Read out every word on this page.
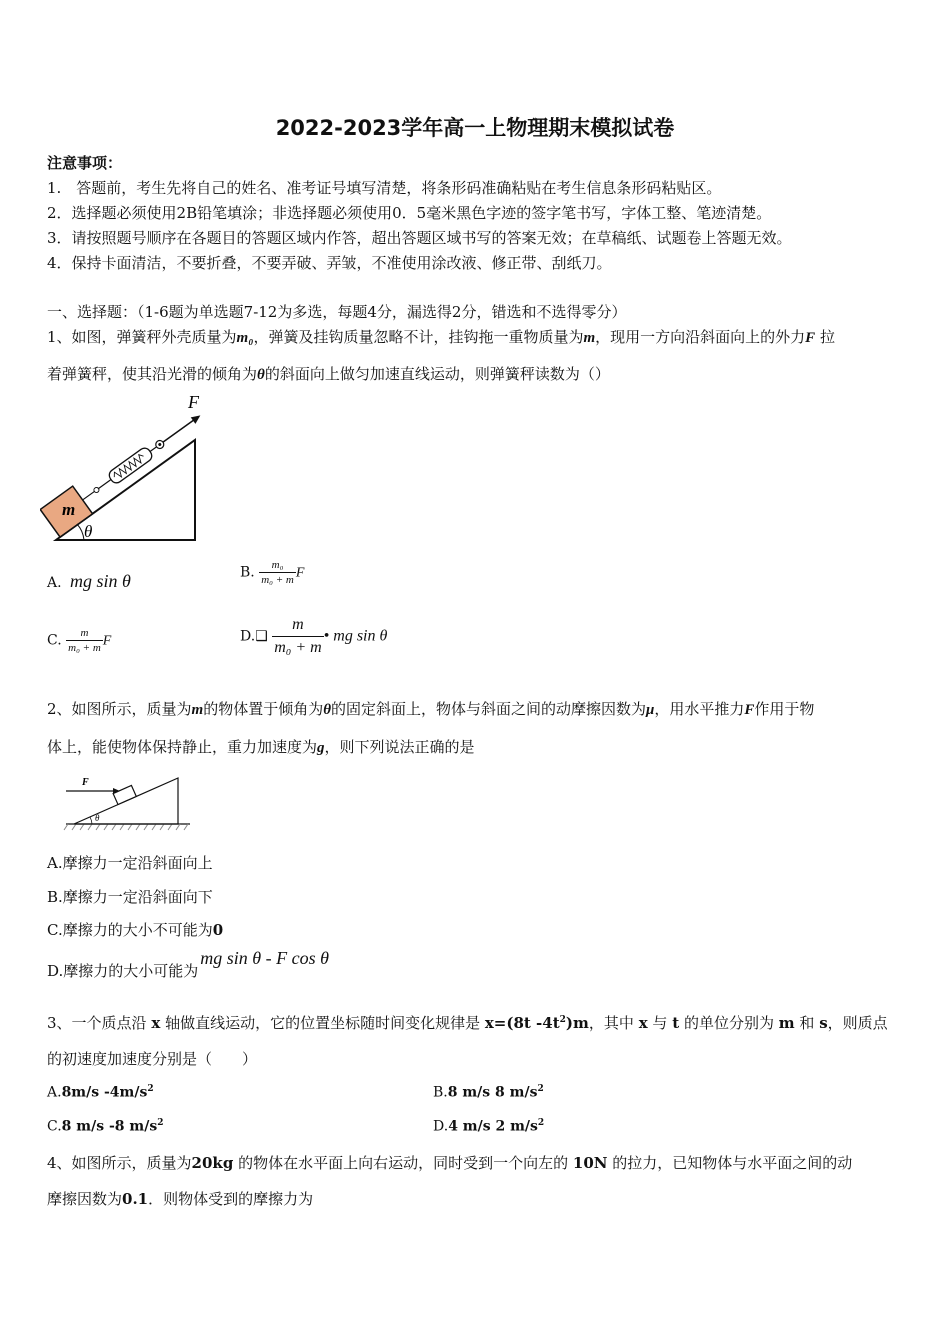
2022-2023学年高一上物理期末模拟试卷
注意事项：
1.　答题前，考生先将自己的姓名、准考证号填写清楚，将条形码准确粘贴在考生信息条形码粘贴区。
2．选择题必须使用2B铅笔填涂；非选择题必须使用0．5毫米黑色字迹的签字笔书写，字体工整、笔迹清楚。
3．请按照题号顺序在各题目的答题区域内作答，超出答题区域书写的答案无效；在草稿纸、试题卷上答题无效。
4．保持卡面清洁，不要折叠，不要弄破、弄皱，不准使用涂改液、修正带、刮纸刀。
一、选择题：（1-6题为单选题7-12为多选，每题4分，漏选得2分，错选和不选得零分）
1、如图，弹簧秤外壳质量为m₀，弹簧及挂钩质量忽略不计，挂钩拖一重物质量为m，现用一方向沿斜面向上的外力F 拉
着弹簧秤，使其沿光滑的倾角为θ的斜面向上做匀加速直线运动，则弹簧秤读数为（）
F
m
θ
A. mg sin θ	B. $\frac{\text{m₀}}{\text{m₀ + m}}$ F
C. $\frac{m}{\text{m₀ + m}}$ F	D.❑ $\frac{m}{\text{m₀ + m}}$ • mg sin θ
2、如图所示，质量为m的物体置于倾角为θ的固定斜面上，物体与斜面之间的动摩擦因数为μ，用水平推力F作用于物
体上，能使物体保持静止，重力加速度为g，则下列说法正确的是
F
θ
A.摩擦力一定沿斜面向上
B.摩擦力一定沿斜面向下
C.摩擦力的大小不可能为0
D.摩擦力的大小可能为mg sin θ - F cos θ
3、一个质点沿 x 轴做直线运动，它的位置坐标随时间变化规律是 x=(8t $-4t^2)m$，其中 x 与 t 的单位分别为 m 和 s，则质点
的初速度加速度分别是（　　）
A.8m/s $-4m/s^2$	B.8 m/s 8 $m/s^2$
C.8 m/s -8 $m/s^2$	D.4 m/s 2 $m/s^2$
4、如图所示，质量为20kg 的物体在水平面上向右运动，同时受到一个向左的 10N 的拉力，已知物体与水平面之间的动
摩擦因数为0.1．则物体受到的摩擦力为
